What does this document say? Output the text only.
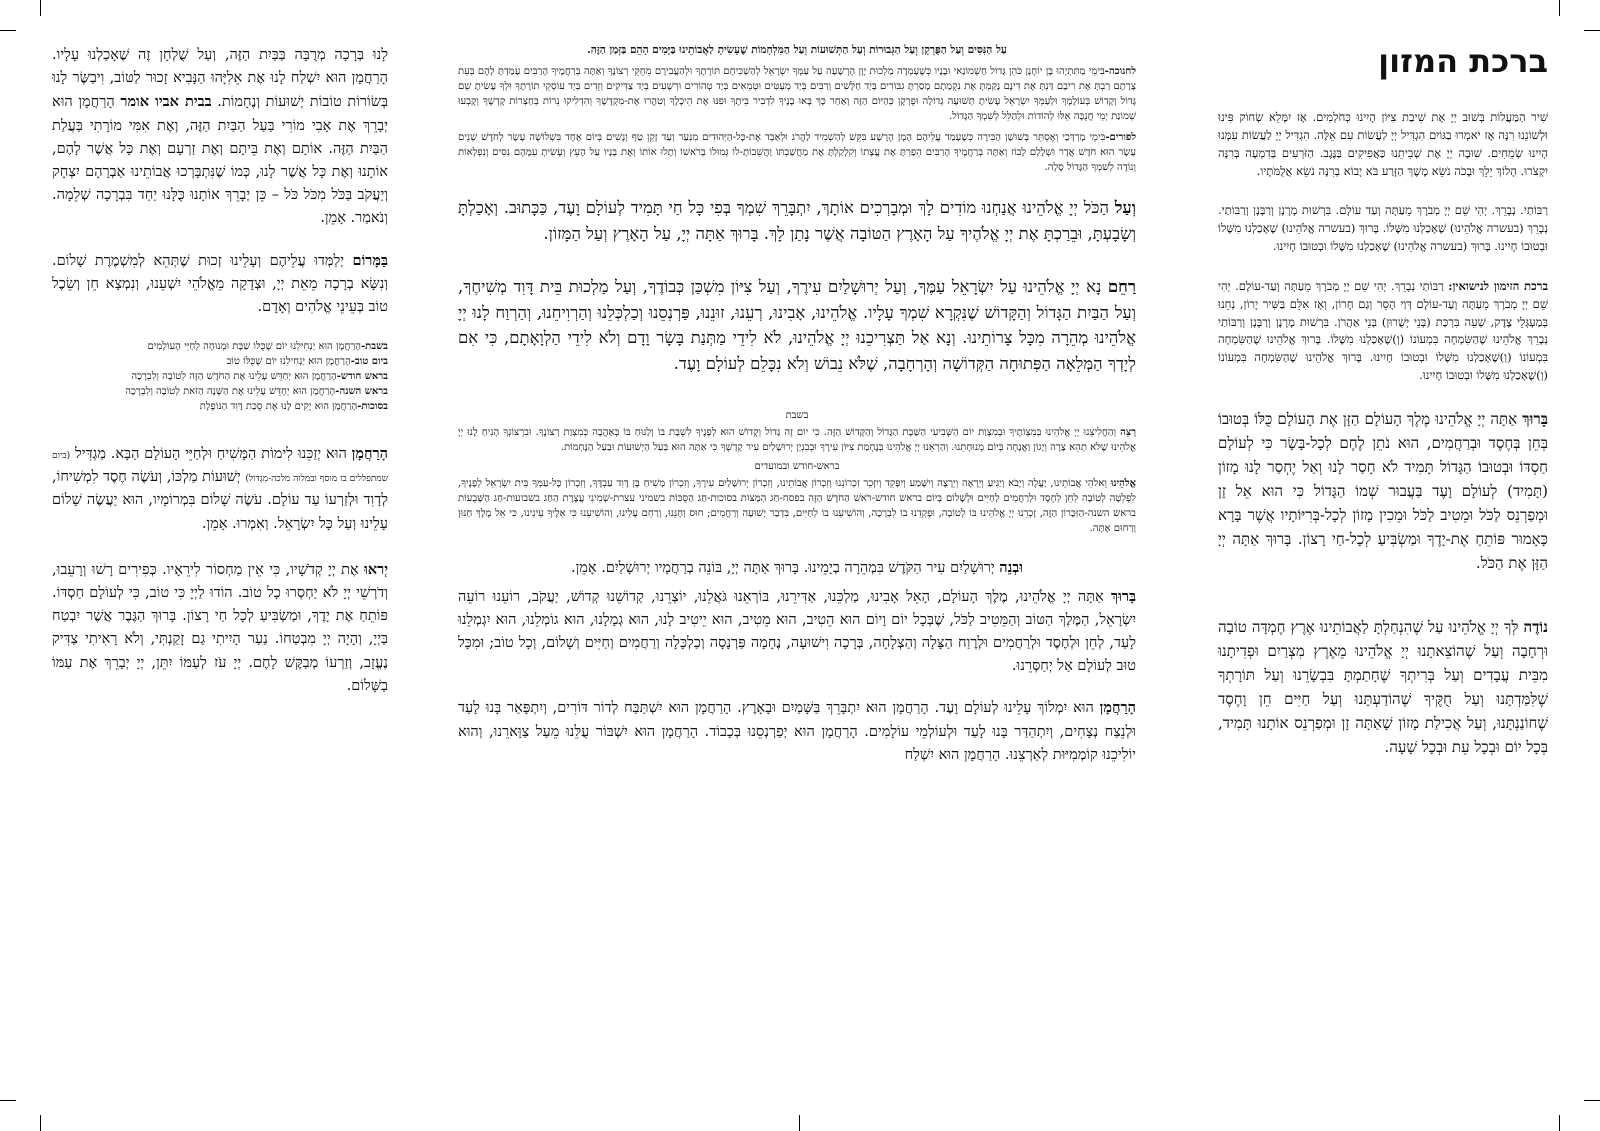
ברכת המזון

שִׁיר הַמַּעֲלוֹת בְּשׁוּב יְיָ אֶת שִׁיבַת צִיּוֹן הָיִינוּ כְּחֹלְמִים. אָז יִמָּלֵא שְׂחוֹק פִּינוּ וּלְשׁוֹנֵנוּ רִנָּה אָז יֹאמְרוּ בַגּוֹיִם הִגְדִּיל יְיָ לַעֲשׂוֹת עִם אֵלֶּה. הִגְדִּיל יְיָ לַעֲשׂוֹת עִמָּנוּ הָיִינוּ שְׂמֵחִים. שׁוּבָה יְיָ אֶת שְׁבִיתֵנוּ כַּאֲפִיקִים בַּנֶּגֶב. הַזֹּרְעִים בְּדִמְעָה בְּרִנָּה יִקְצֹרוּ. הָלוֹךְ יֵלֵךְ וּבָכֹה נֹשֵׂא מֶשֶׁךְ הַזָּרַע בֹּא יָבוֹא בְרִנָּה נֹשֵׂא אֲלֻמֹּתָיו.

רַבּוֹתַי. נְבָרֵךְ. יְהִי שֵׁם יְיָ מְבֹרָךְ מֵעַתָּה וְעַד עוֹלָם. בִּרְשׁוּת מָרָנָן וְרַבָּנָן וְרַבּוֹתַי. נְבָרֵךְ (בעשרה אֱלֹהֵינוּ) שֶׁאָכַלְנוּ מִשֶּׁלוֹ. בָּרוּךְ (בעשרה אֱלֹהֵינוּ) שֶׁאָכַלְנוּ מִשֶּׁלוֹ וּבְטוּבוֹ חָיִינוּ. בָּרוּךְ (בעשרה אֱלֹהֵינוּ) שֶׁאָכַלְנוּ מִשֶּׁלוֹ וּבְטוּבוֹ חָיִינוּ.

ברכת הזימון לנישואין: רַבּוֹתַי נְבָרֵךְ. יְהִי שֵׁם יְיָ מְבֹרָךְ מֵעַתָּה וְעַד-עוֹלָם. יְהִי שֵׁם יְיָ מְבֹרָךְ מֵעַתָּה וְעַד-עוֹלָם דְּוַי הָסֵר וְגַם חָרוֹן, וְאָז אִלֵּם בַּשִּׁיר יָרוֹן, נְחֵנוּ בְּמַעְגְּלֵי צֶדֶק, שְׁעֵה בִּרְכַּת (בְּנֵי יְשֻׁרוּן) בְּנֵי אַהֲרֹן. בִּרְשׁוּת מָרָנָן וְרַבָּנָן וְרַבּוֹתַי נְבָרֵךְ אֱלֹהֵינוּ שֶׁהַשִּׂמְחָה בִּמְעוֹנוֹ (וְ)שֶׁאָכַלְנוּ מִשֶּׁלוֹ. בָּרוּךְ אֱלֹהֵינוּ שֶׁהַשִּׂמְחָה בִּמְעוֹנוֹ (וְ)שֶׁאָכַלְנוּ מִשֶּׁלוֹ וּבְטוּבוֹ חָיִינוּ. בָּרוּךְ אֱלֹהֵינוּ שֶׁהַשִּׂמְחָה בִּמְעוֹנוֹ (וְ)שֶׁאָכַלְנוּ מִשֶּׁלוֹ וּבְטוּבוֹ חָיִינוּ.

בָּרוּךְ אַתָּה יְיָ אֱלֹהֵינוּ מֶלֶךְ הָעוֹלָם הַזָּן אֶת הָעוֹלָם כֻּלּוֹ בְּטוּבוֹ בְּחֵן בְּחֶסֶד וּבְרַחֲמִים, הוּא נֹתֵן לֶחֶם לְכָל-בָּשָׂר כִּי לְעוֹלָם חַסְדּוֹ וּבְטוּבוֹ הַגָּדוֹל תָּמִיד לֹא חָסַר לָנוּ וְאַל יֶחְסַר לָנוּ מָזוֹן (תָּמִיד) לְעוֹלָם וָעֶד בַּעֲבוּר שְׁמוֹ הַגָּדוֹל כִּי הוּא אֵל זָן וּמְפַרְנֵס לַכֹּל וּמֵטִיב לַכֹּל וּמֵכִין מָזוֹן לְכָל-בְּרִיּוֹתָיו אֲשֶׁר בָּרָא כָּאָמוּר פּוֹתֵחַ אֶת-יָדֶךָ וּמַשְׂבִּיעַ לְכָל-חַי רָצוֹן. בָּרוּךְ אַתָּה יְיָ הַזָּן אֶת הַכֹּל.

נוֹדֶה לְּךָ יְיָ אֱלֹהֵינוּ עַל שֶׁהִנְחַלְתָּ לַאֲבוֹתֵינוּ אֶרֶץ חֶמְדָּה טוֹבָה וּרְחָבָה וְעַל שֶׁהוֹצֵאתָנוּ יְיָ אֱלֹהֵינוּ מֵאֶרֶץ מִצְרַיִם וּפְדִיתָנוּ מִבֵּית עֲבָדִים וְעַל בְּרִיתְךָ שֶׁחָתַמְתָּ בִּבְשָׂרֵנוּ וְעַל תּוֹרָתְךָ שֶׁלִּמַּדְתָּנוּ וְעַל חֻקֶּיךָ שֶׁהוֹדַעְתָּנוּ וְעַל חַיִּים חֵן וָחֶסֶד שֶׁחוֹנַנְתָּנוּ, וְעַל אֲכִילַת מָזוֹן שָׁאַתָּה זָן וּמְפַרְנֵס אוֹתָנוּ תָּמִיד, בְּכָל יוֹם וּבְכָל עֵת וּבְכָל שָׁעָה.

עַל הַנִּסִּים וְעַל הַפֻּרְקָן וְעַל הַגְּבוּרוֹת וְעַל הַתְּשׁוּעוֹת וְעַל הַמִּלְחָמוֹת שֶׁעָשִׂיתָ לַאֲבוֹתֵינוּ בַּיָּמִים הָהֵם בַּזְּמַן הַזֶּה.

לחנוכה-בִּימֵי מַתִּתְיָהוּ בֶּן יוֹחָנָן כֹּהֵן גָּדוֹל חַשְׁמוֹנַאי וּבָנָיו כְּשֶׁעָמְדָה מַלְכוּת יָוָן הָרְשָׁעָה עַל עַמְּךָ יִשְׂרָאֵל לְהַשְׁכִּיחָם תּוֹרָתֶךָ וּלְהַעֲבִירָם מֵחֻקֵּי רְצוֹנֶךָ וְאַתָּה בְּרַחֲמֶיךָ הָרַבִּים עָמַדְתָּ לָהֶם בְּעֵת צָרָתָם רַבְתָּ אֶת רִיבָם דַּנְתָּ אֶת דִּינָם נָקַמְתָּ אֶת נִקְמָתָם מָסַרְתָּ גִבּוֹרִים בְּיַד חַלָּשִׁים וְרַבִּים בְּיַד מְעַטִּים וּטְמֵאִים בְּיַד טְהוֹרִים וּרְשָׁעִים בְּיַד צַדִּיקִים וְזֵדִים בְּיַד עוֹסְקֵי תוֹרָתֶךָ וּלְךָ עָשִׂיתָ שֵׁם גָּדוֹל וְקָדוֹשׁ בְּעוֹלָמֶךָ וּלְעַמְּךָ יִשְׂרָאֵל עָשִׂיתָ תְּשׁוּעָה גְדוֹלָה וּפֻרְקָן כְּהַיּוֹם הַזֶּה וְאַחַר כָּךְ בָּאוּ בָנֶיךָ לִדְבִיר בֵּיתֶךָ וּפִנּוּ אֶת הֵיכָלֶךָ וְטִהֲרוּ אֶת-מִקְדָּשֶׁךָ וְהִדְלִיקוּ נֵרוֹת בְּחַצְרוֹת קָדְשֶׁךָ וְקָבְעוּ שְׁמוֹנַת יְמֵי חֲנֻכָּה אֵלּוּ לְהוֹדוֹת וּלְהַלֵּל לְשִׁמְךָ הַגָּדוֹל.

לפורים-בִּימֵי מָרְדְּכַי וְאֶסְתֵּר בְּשׁוּשַׁן הַבִּירָה כְּשֶׁעָמַד עֲלֵיהֶם הָמָן הָרָשָׁע בִּקֵּשׁ לְהַשְׁמִיד לַהֲרֹג וּלְאַבֵּד אֶת-כָּל-הַיְּהוּדִים מִנַּעַר וְעַד זָקֵן טַף וְנָשִׁים בְּיוֹם אֶחָד בִּשְׁלוֹשָׁה עָשָׂר לְחֹדֶשׁ שְׁנֵים עָשָׂר הוּא חֹדֶשׁ אֲדָר וּשְׁלָלָם לָבוֹז וְאַתָּה בְּרַחֲמֶיךָ הָרַבִּים הֵפַרְתָּ אֶת עֲצָתוֹ וְקִלְקַלְתָּ אֶת מַחֲשַׁבְתּוֹ וַהֲשֵׁבוֹתָ-לוֹ גְּמוּלוֹ בְּרֹאשׁוֹ וְתָלוּ אוֹתוֹ וְאֶת בָּנָיו עַל הָעֵץ וְעָשִׂיתָ עִמָּהֶם נִסִּים וְנִפְלָאוֹת וְנוֹדֶה לְשִׁמְךָ הַגָּדוֹל סֶלָה.

וְעַל הַכֹּל יְיָ אֱלֹהֵינוּ אֲנַחְנוּ מוֹדִים לָךְ וּמְבָרְכִים אוֹתָךְ, יִתְבָּרֵךְ שִׁמְךָ בְּפִי כָּל חַי תָּמִיד לְעוֹלָם וָעֶד, כַּכָּתוּב. וְאָכַלְתָּ וְשָׂבָעְתָּ, וּבֵרַכְתָּ אֶת יְיָ אֱלֹהֶיךָ עַל הָאָרֶץ הַטּוֹבָה אֲשֶׁר נָתַן לָךְ. בָּרוּךְ אַתָּה יְיָ, עַל הָאָרֶץ וְעַל הַמָּזוֹן.

רַחֵם נָא יְיָ אֱלֹהֵינוּ עַל יִשְׂרָאֵל עַמֶּךָ, וְעַל יְרוּשָׁלַיִם עִירֶךָ, וְעַל צִיּוֹן מִשְׁכַּן כְּבוֹדֶךָ, וְעַל מַלְכוּת בֵּית דָּוִד מְשִׁיחֶךָ, וְעַל הַבַּיִת הַגָּדוֹל וְהַקָּדוֹשׁ שֶׁנִּקְרָא שִׁמְךָ עָלָיו. אֱלֹהֵינוּ, אָבִינוּ, רְעֵנוּ, זוּנֵנוּ, פַּרְנְסֵנוּ וְכַלְכְּלֵנוּ וְהַרְוִיחֵנוּ, וְהַרְוַח לָנוּ יְיָ אֱלֹהֵינוּ מְהֵרָה מִכָּל צָרוֹתֵינוּ. וְנָא אַל תַּצְרִיכֵנוּ יְיָ אֱלֹהֵינוּ, לֹא לִידֵי מַתְּנַת בָּשָׂר וָדָם וְלֹא לִידֵי הַלְוָאָתָם, כִּי אִם לְיָדְךָ הַמְּלֵאָה הַפְּתוּחָה הַקְּדוֹשָׁה וְהָרְחָבָה, שֶׁלֹּא נֵבוֹשׁ וְלֹא נִכָּלֵם לְעוֹלָם וָעֶד.

בשבת

רְצֵה וְהַחֲלִיצֵנוּ יְיָ אֱלֹהֵינוּ בְּמִצְוֹתֶיךָ וּבְמִצְוַת יוֹם הַשְּׁבִיעִי הַשַּׁבָּת הַגָּדוֹל וְהַקָּדוֹשׁ הַזֶּה. כִּי יוֹם זֶה גָּדוֹל וְקָדוֹשׁ הוּא לְפָנֶיךָ לִשְׁבָּת בּוֹ וְלָנוּחַ בּוֹ בְּאַהֲבָה כְּמִצְוַת רְצוֹנֶךָ. וּבִרְצוֹנְךָ הָנִיחַ לָנוּ יְיָ אֱלֹהֵינוּ שֶׁלֹּא תְהֵא צָרָה וְיָגוֹן וַאֲנָחָה בְּיוֹם מְנוּחָתֵנוּ. וְהַרְאֵנוּ יְיָ אֱלֹהֵינוּ בְּנֶחָמַת צִיּוֹן עִירֶךָ וּבְבִנְיַן יְרוּשָׁלַיִם עִיר קָדְשֶׁךָ כִּי אַתָּה הוּא בַּעַל הַיְשׁוּעוֹת וּבַעַל הַנֶּחָמוֹת.

בראש-חודש ובמועדים

אֱלֹהֵינוּ וֵאלֹהֵי אֲבוֹתֵינוּ, יַעֲלֶה וְיָבֹא וְיַגִּיעַ וְיֵרָאֶה וְיֵרָצֶה וְיִשָּׁמַע וְיִפָּקֵד וְיִזָּכֵר זִכְרוֹנֵנוּ וְזִכְרוֹן אֲבוֹתֵינוּ, וְזִכְרוֹן יְרוּשָׁלַיִם עִירֶךָ, וְזִכְרוֹן מָשִׁיחַ בֶּן דָּוִד עַבְדֶּךָ, וְזִכְרוֹן כָּל-עַמְּךָ בֵּית יִשְׂרָאֵל לְפָנֶיךָ, לִפְלֵטָה לְטוֹבָה לְחֵן לְחֶסֶד וּלְרַחֲמִים לְחַיִּים וּלְשָׁלוֹם בְּיוֹם בראש חודש-רֹאשׁ הַחֹדֶשׁ הַזֶּה בפסח-חַג הַמַּצּוֹת בסוכות-חַג הַסֻּכּוֹת בשמיני עצרת-שְׁמִינִי עֲצֶרֶת הַחַג בשבועות-חַג הַשָּׁבֻעוֹת בראש השנה-הַזִּכָּרוֹן הַזֶּה, זָכְרֵנוּ יְיָ אֱלֹהֵינוּ בּוֹ לְטוֹבָה, וּפָקְדֵנוּ בוֹ לִבְרָכָה, וְהוֹשִׁיעֵנוּ בוֹ לְחַיִּים, בִּדְבַר יְשׁוּעָה וְרַחֲמִים; חוּס וְחָנֵּנוּ, וְרַחֵם עָלֵינוּ, וְהוֹשִׁיעֵנוּ כִּי אֵלֶיךָ עֵינֵינוּ, כִּי אֵל מֶלֶךְ חַנּוּן וְרַחוּם אָתָּה.

וּבְנֵה יְרוּשָׁלַיִם עִיר הַקֹּדֶשׁ בִּמְהֵרָה בְיָמֵינוּ. בָּרוּךְ אַתָּה יְיָ, בּוֹנֵה בְרַחֲמָיו יְרוּשָׁלַיִם. אָמֵן.

בָּרוּךְ אַתָּה יְיָ אֱלֹהֵינוּ, מֶלֶךְ הָעוֹלָם, הָאֵל אָבִינוּ, מַלְכֵּנוּ, אַדִּירֵנוּ, בּוֹרְאֵנוּ גֹּאֲלֵנוּ, יוֹצְרֵנוּ, קְדוֹשֵׁנוּ קְדוֹשׁ, יַעֲקֹב, רוֹעֵנוּ רוֹעֵה יִשְׂרָאֵל, הַמֶּלֶךְ הַטּוֹב וְהַמֵּטִיב לַכֹּל, שֶׁבְּכָל יוֹם וָיוֹם הוּא הֵטִיב, הוּא מֵטִיב, הוּא יֵיטִיב לָנוּ, הוּא גְמָלָנוּ, הוּא גוֹמְלֵנוּ, הוּא יִגְמְלֵנוּ לָעַד, לְחֵן וּלְחֶסֶד וּלְרַחֲמִים וּלְרֶוַח הַצָּלָה וְהַצְלָחָה, בְּרָכָה וִישׁוּעָה, נֶחָמָה פַּרְנָסָה וְכַלְכָּלָה וְרַחֲמִים וְחַיִּים וְשָׁלוֹם, וְכָל טוֹב; וּמִכָּל טוּב לְעוֹלָם אַל יְחַסְּרֵנוּ.

הָרַחֲמָן הוּא יִמְלוֹךְ עָלֵינוּ לְעוֹלָם וָעֶד. הָרַחֲמָן הוּא יִתְבָּרֵךְ בַּשָּׁמַיִם וּבָאָרֶץ. הָרַחֲמָן הוּא יִשְׁתַּבַּח לְדוֹר דּוֹרִים, וְיִתְפָּאַר בָּנוּ לָעַד וּלְנֵצַח נְצָחִים, וְיִתְהַדַּר בָּנוּ לָעַד וּלְעוֹלְמֵי עוֹלָמִים. הָרַחֲמָן הוּא יְפַרְנְסֵנוּ בְּכָבוֹד. הָרַחֲמָן הוּא יִשְׁבּוֹר עֻלֵּנוּ מֵעַל צַוָּארֵנוּ, וְהוּא יוֹלִיכֵנוּ קוֹמְמִיּוּת לְאַרְצֵנוּ. הָרַחֲמָן הוּא יִשְׁלַח

לָנוּ בְּרָכָה מְרֻבָּה בַּבַּיִת הַזֶּה, וְעַל שֻׁלְחָן זֶה שֶׁאָכַלְנוּ עָלָיו. הָרַחֲמָן הוּא יִשְׁלַח לָנוּ אֶת אֵלִיָּהוּ הַנָּבִיא זָכוּר לַטּוֹב, וִיבַשֶּׂר לָנוּ בְּשׂוֹרוֹת טוֹבוֹת יְשׁוּעוֹת וְנֶחָמוֹת. בבית אביו אומר הָרַחֲמָן הוּא יְבָרֵךְ אֶת אָבִי מוֹרִי בַּעַל הַבַּיִת הַזֶּה, וְאֶת אִמִּי מוֹרָתִי בַּעֲלַת הַבַּיִת הַזֶּה. אוֹתָם וְאֶת בֵּיתָם וְאֶת זַרְעָם וְאֶת כָּל אֲשֶׁר לָהֶם, אוֹתָנוּ וְאֶת כָּל אֲשֶׁר לָנוּ, כְּמוֹ שֶׁנִּתְבָּרְכוּ אֲבוֹתֵינוּ אַבְרָהָם יִצְחָק וְיַעֲקֹב בַּכֹּל מִכֹּל כֹּל – כֵּן יְבָרֵךְ אוֹתָנוּ כֻּלָּנוּ יַחַד בִּבְרָכָה שְׁלֵמָה. וְנֹאמַר. אָמֵן.

בַּמָּרוֹם יְלַמְּדוּ עֲלֵיהֶם וְעָלֵינוּ זְכוּת שֶׁתְּהֵא לְמִשְׁמֶרֶת שָׁלוֹם. וְנִשָּׂא בְרָכָה מֵאֵת יְיָ, וּצְדָקָה מֵאֱלֹהֵי יִשְׁעֵנוּ, וְנִמְצָא חֵן וְשֵׂכֶל טוֹב בְּעֵינֵי אֱלֹהִים וְאָדָם.

בשבת-הָרַחֲמָן הוּא יַנְחִילֵנוּ יוֹם שֶׁכֻּלּוֹ שַׁבָּת וּמְנוּחָה לְחַיֵּי הָעוֹלָמִים

ביום טוב-הָרַחֲמָן הוּא יַנְחִילֵנוּ יוֹם שֶׁכֻּלּוֹ טוֹב

בראש חודש-הָרַחֲמָן הוּא יְחַדֵּשׁ עָלֵינוּ אֶת הַחֹדֶשׁ הַזֶּה לְטוֹבָה וְלִבְרָכָה

בראש השנה-הָרַחֲמָן הוּא יְחַדֵּשׁ עָלֵינוּ אֶת הַשָּׁנָה הַזֹּאת לְטוֹבָה וְלִבְרָכָה

בסוכות-הָרַחֲמָן הוּא יָקִים לָנוּ אֶת סֻכַּת דָּוִד הַנּוֹפֶלֶת

הָרַחֲמָן הוּא יְזַכֵּנוּ לִימוֹת הַמָּשִׁיחַ וּלְחַיֵּי הָעוֹלָם הַבָּא. מַגְדִּיל (ביום שמתפללים בו מוסף ובמלוה מלכה-מִגְדּוֹל) יְשׁוּעוֹת מַלְכּוֹ, וְעֹשֶׂה חֶסֶד לִמְשִׁיחוֹ, לְדָוִד וּלְזַרְעוֹ עַד עוֹלָם. עֹשֶׂה שָׁלוֹם בִּמְרוֹמָיו, הוּא יַעֲשֶׂה שָׁלוֹם עָלֵינוּ וְעַל כָּל יִשְׂרָאֵל. וְאִמְרוּ. אָמֵן.

יְראוּ אֶת יְיָ קְדֹשָׁיו, כִּי אֵין מַחְסוֹר לִירֵאָיו. כְּפִירִים רָשׁוּ וְרָעֵבוּ, וְדֹרְשֵׁי יְיָ לֹא יַחְסְרוּ כָל טוֹב. הוֹדוּ לַיְיָ כִּי טוֹב, כִּי לְעוֹלָם חַסְדּוֹ. פּוֹתֵחַ אֶת יָדֶךָ, וּמַשְׂבִּיעַ לְכָל חַי רָצוֹן. בָּרוּךְ הַגֶּבֶר אֲשֶׁר יִבְטַח בַּיְיָ, וְהָיָה יְיָ מִבְטַחוֹ. נַעַר הָיִיתִי גַם זָקַנְתִּי, וְלֹא רָאִיתִי צַדִּיק נֶעֱזָב, וְזַרְעוֹ מְבַקֶּשׁ לָחֶם. יְיָ עֹז לְעַמּוֹ יִתֵּן, יְיָ יְבָרֵךְ אֶת עַמּוֹ בַשָּׁלוֹם.
